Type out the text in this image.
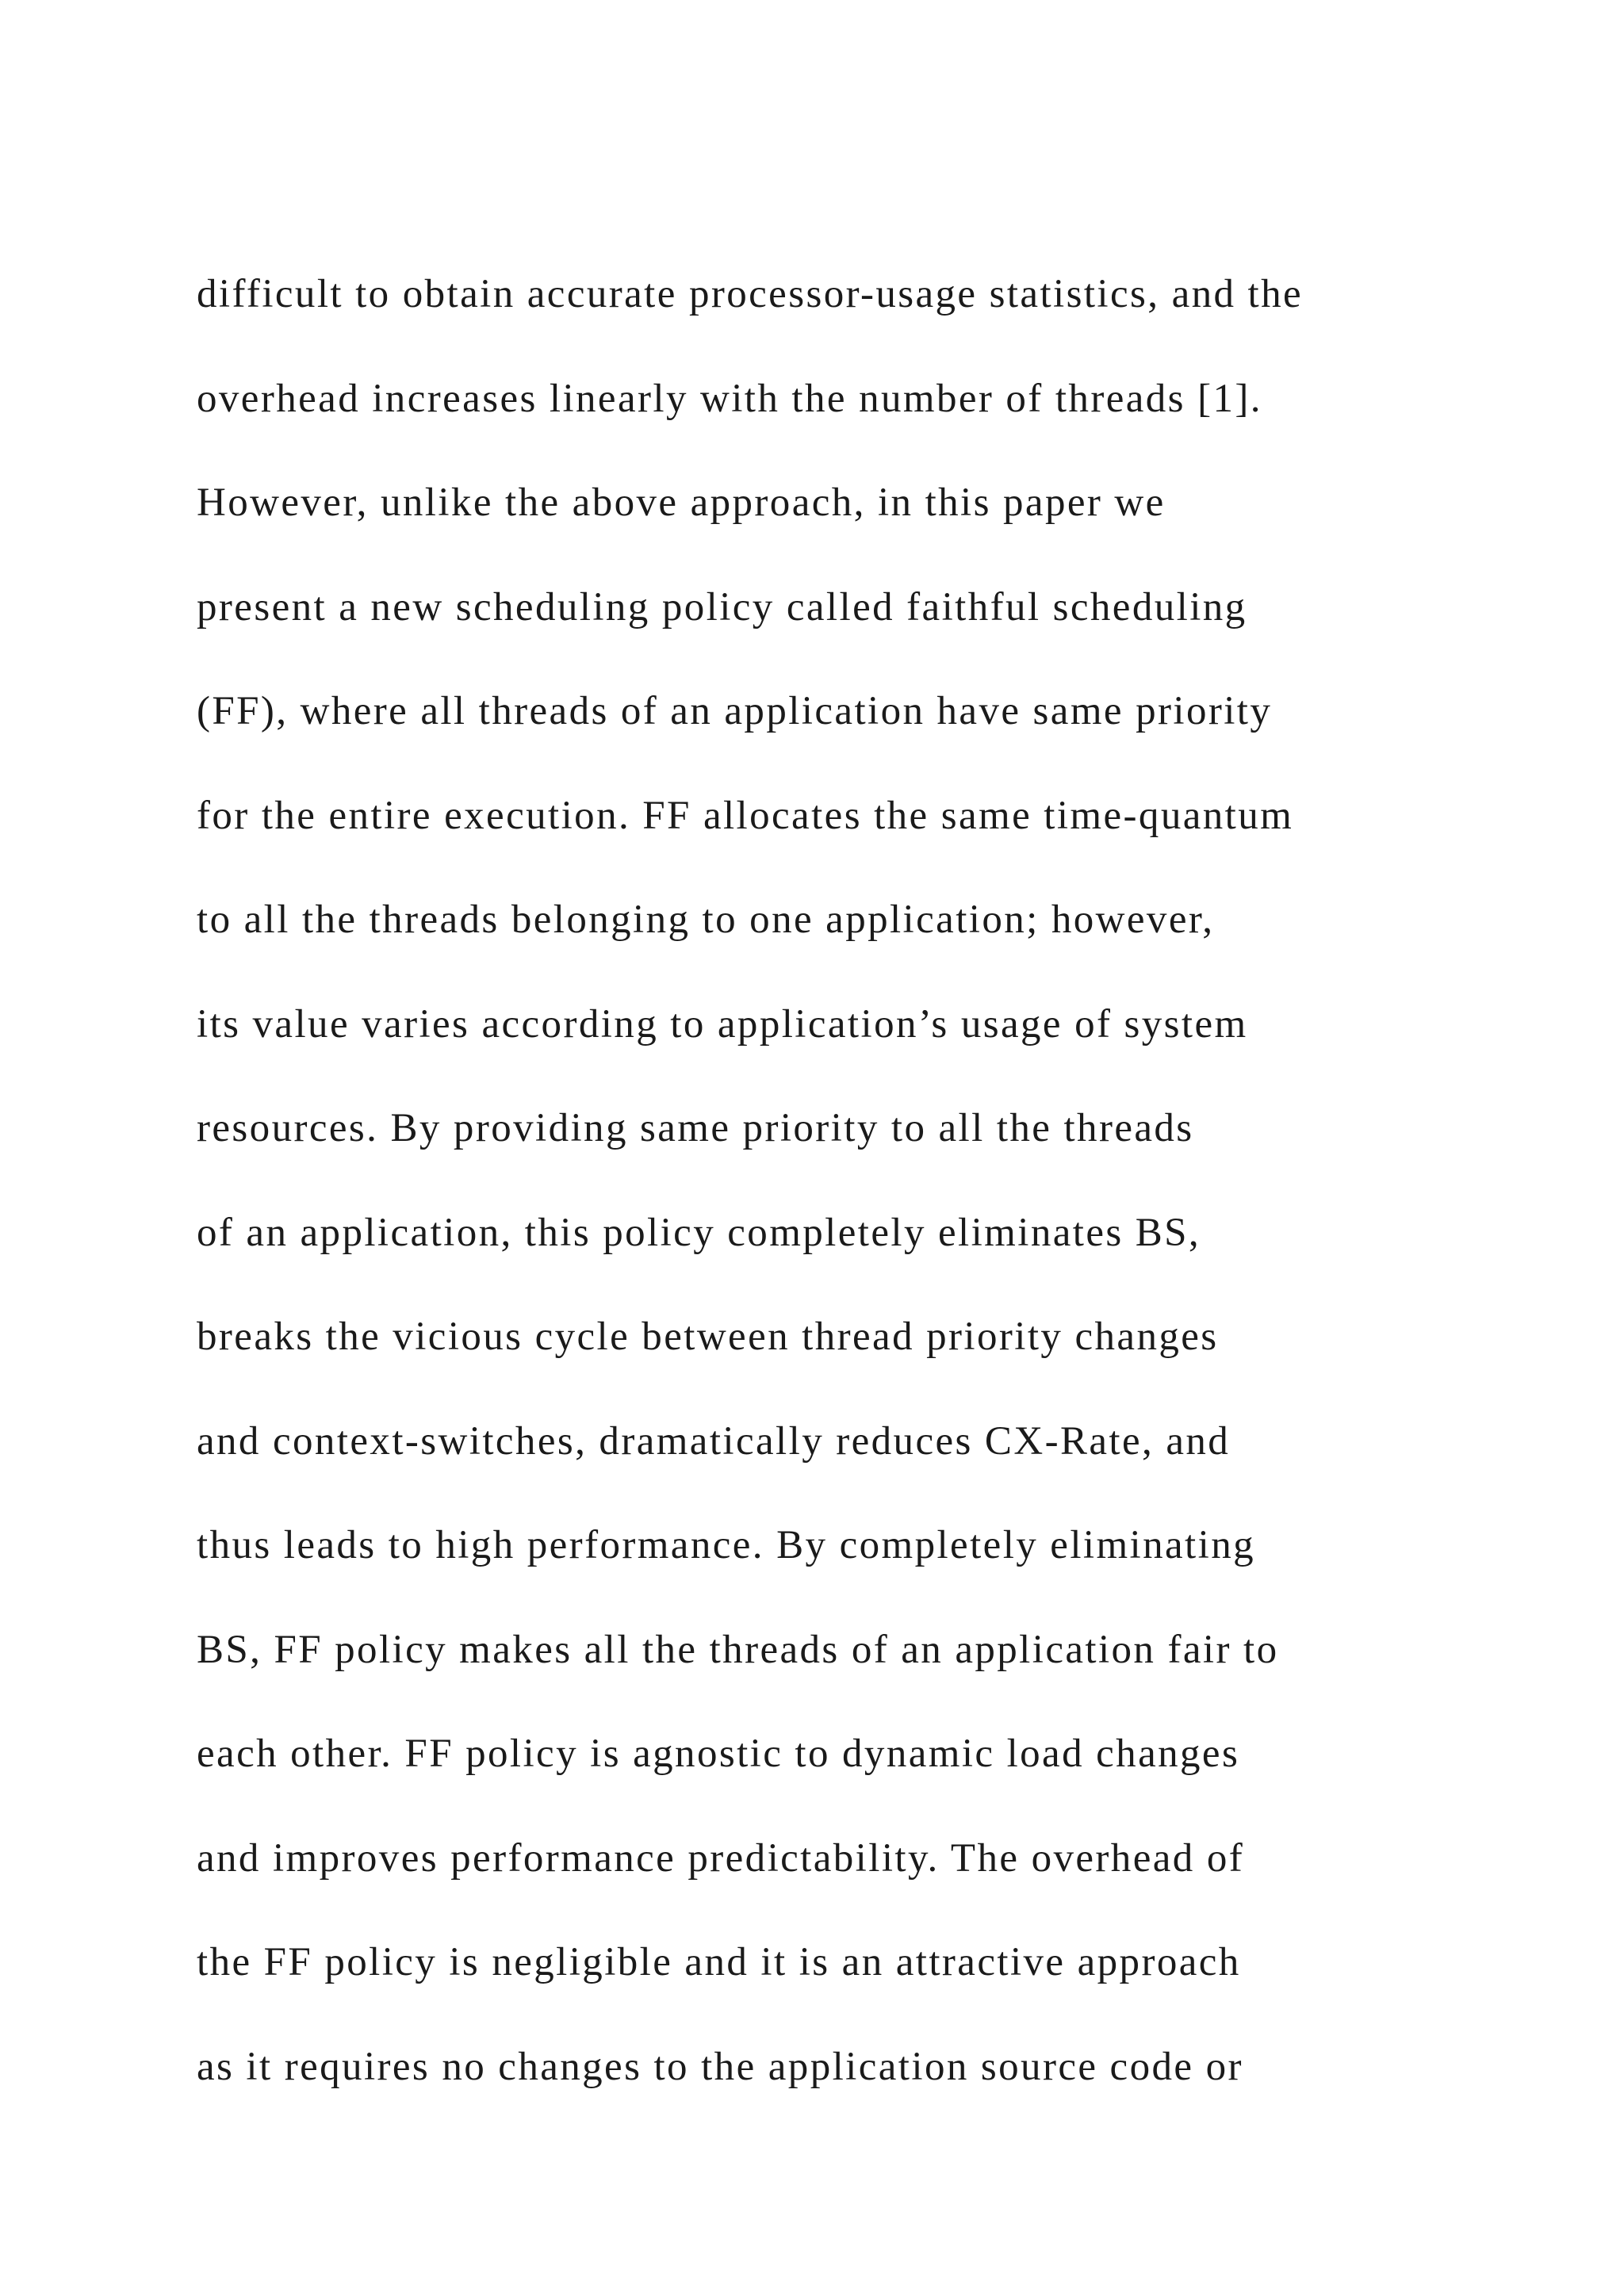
difficult to obtain accurate processor-usage statistics, and the

overhead increases linearly with the number of threads [1].

However, unlike the above approach, in this paper we

present a new scheduling policy called faithful scheduling

(FF), where all threads of an application have same priority

for the entire execution. FF allocates the same time-quantum

to all the threads belonging to one application; however,

its value varies according to application’s usage of system

resources. By providing same priority to all the threads

of an application, this policy completely eliminates BS,

breaks the vicious cycle between thread priority changes

and context-switches, dramatically reduces CX-Rate, and

thus leads to high performance. By completely eliminating

BS, FF policy makes all the threads of an application fair to

each other. FF policy is agnostic to dynamic load changes

and improves performance predictability. The overhead of

the FF policy is negligible and it is an attractive approach

as it requires no changes to the application source code or
